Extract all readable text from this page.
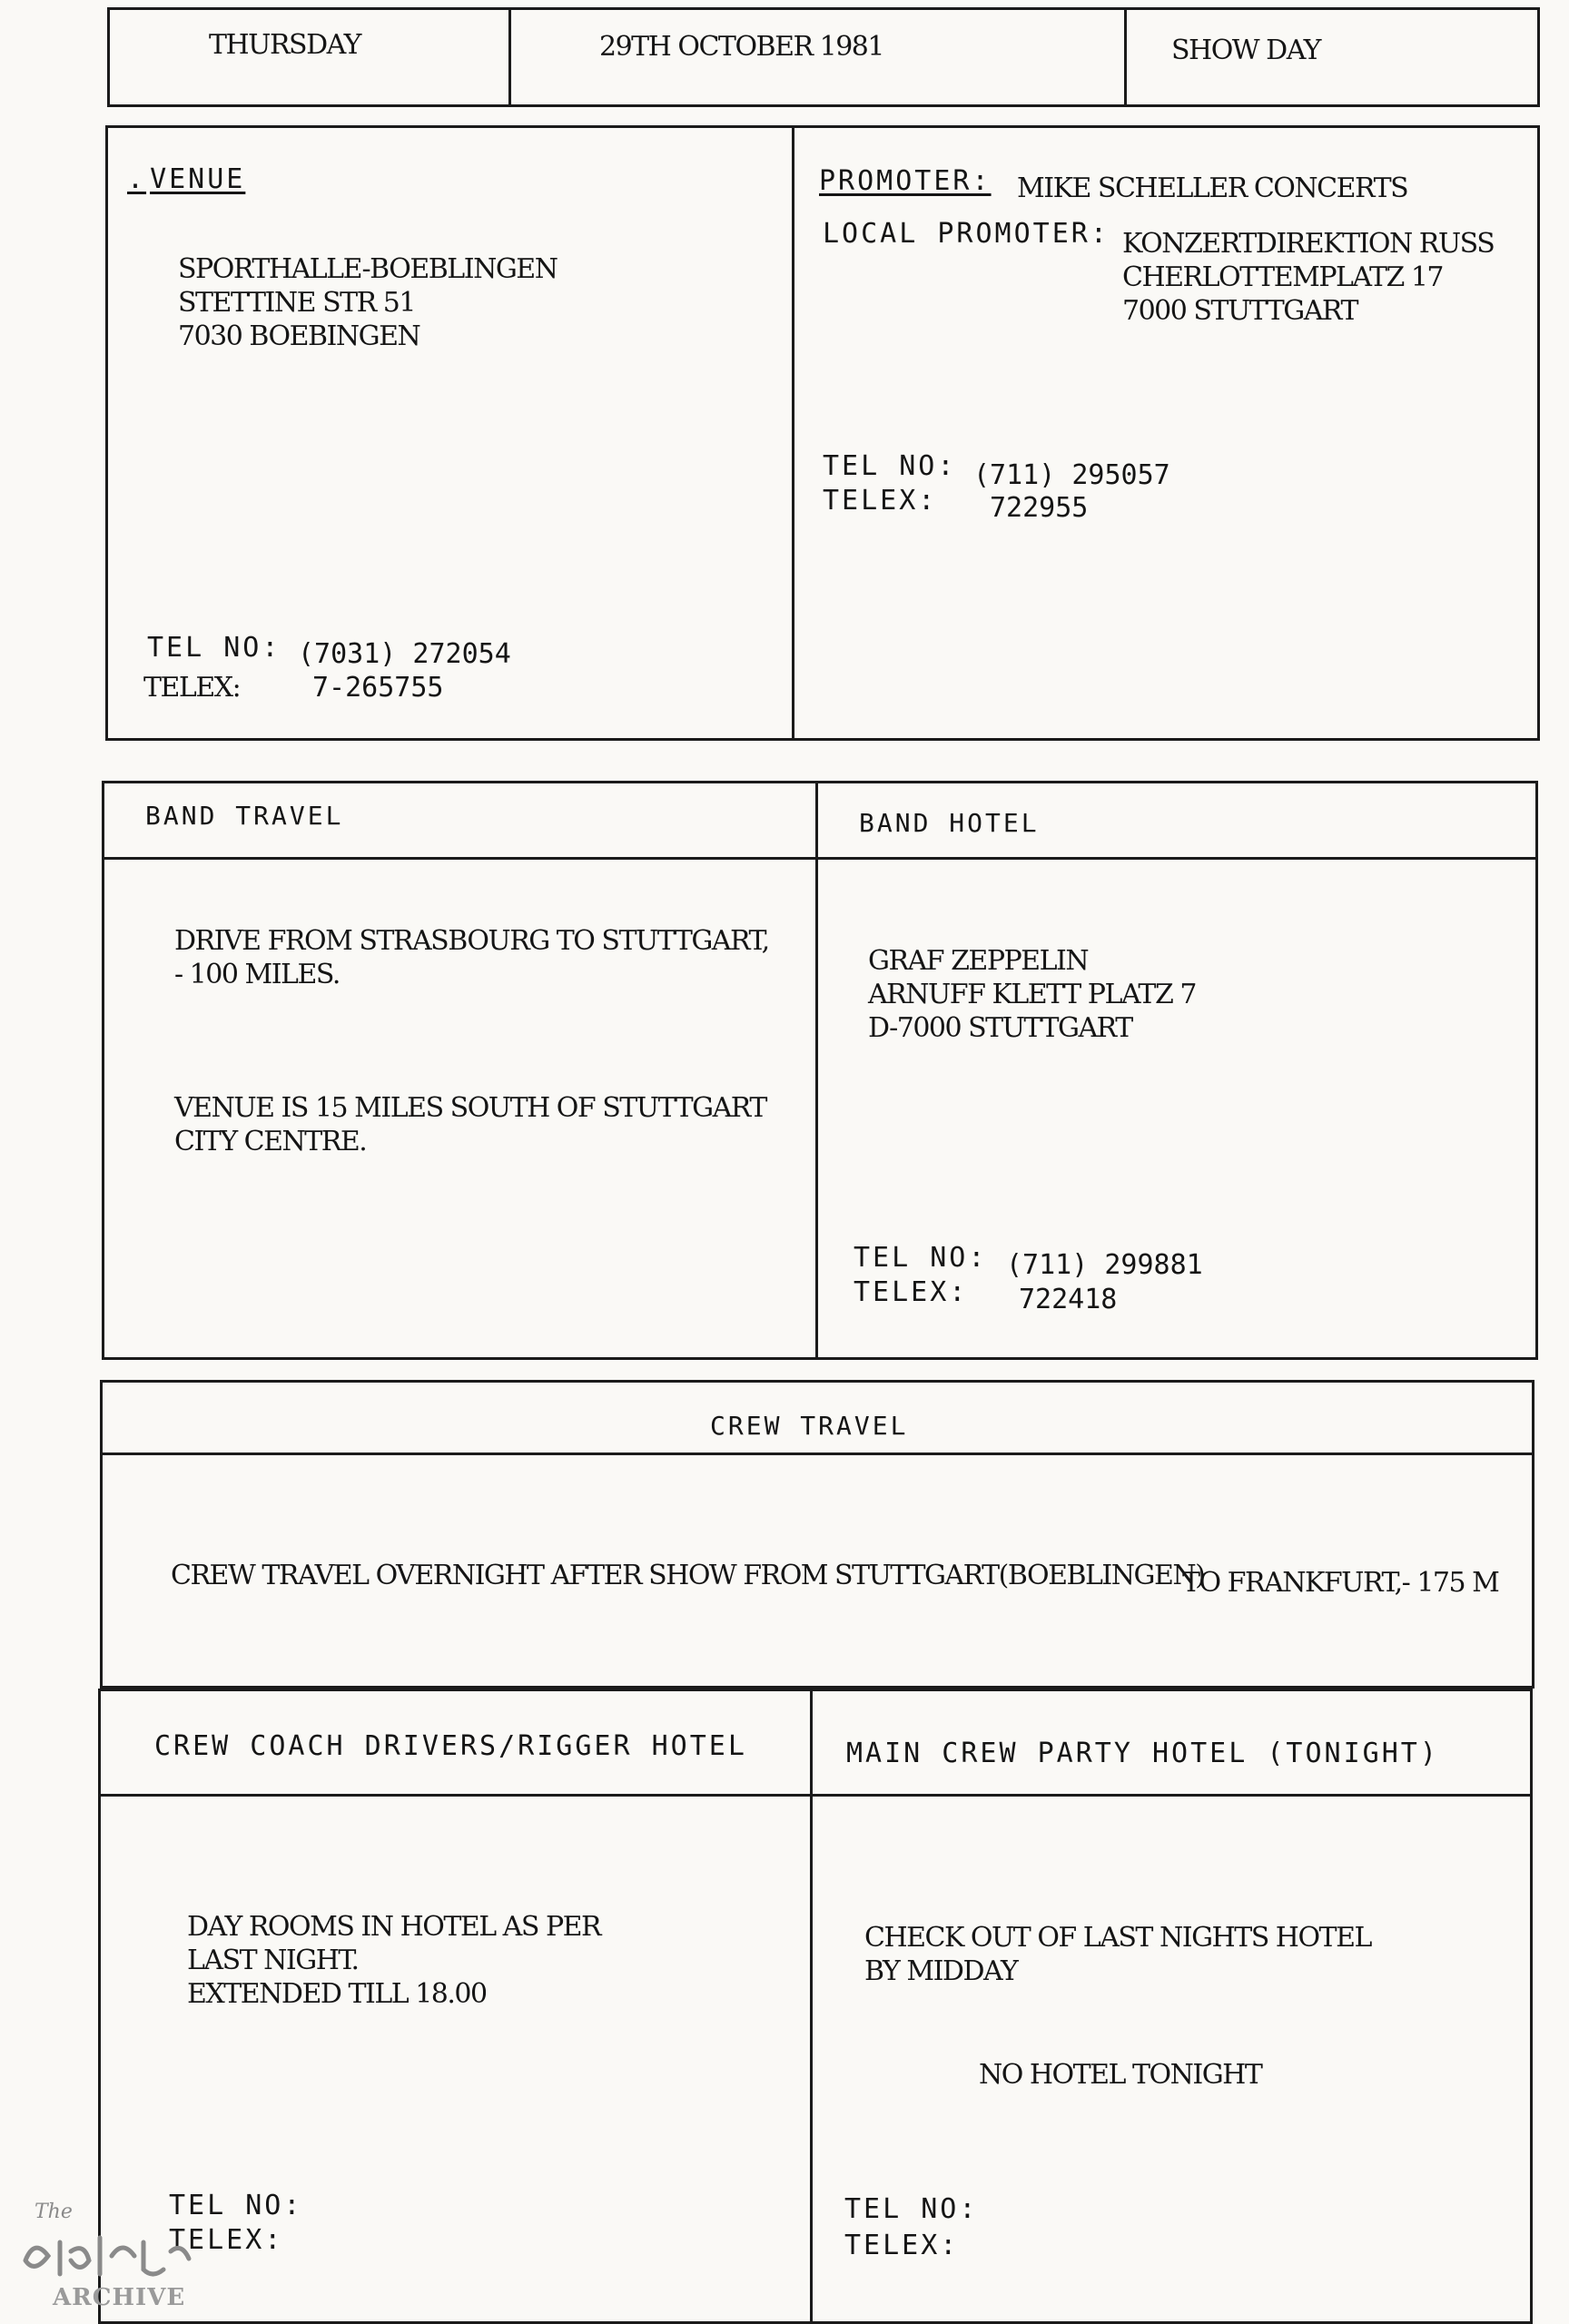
THURSDAY	29TH OCTOBER 1981	SHOW DAY
. VENUE
SPORTHALLE-BOEBLINGEN
STETTINE STR 51
7030 BOEBINGEN
TEL NO: (7031) 272054
TELEX:	7-265755
PROMOTER: MIKE SCHELLER CONCERTS
LOCAL PROMOTER: KONZERTDIREKTION RUSS
CHERLOTTEMPLATZ 17
7000 STUTTGART
TEL NO: (711) 295057
TELEX: 722955
BAND TRAVEL	BAND HOTEL
DRIVE FROM STRASBOURG TO STUTTGART,
- 100 MILES.
VENUE IS 15 MILES SOUTH OF STUTTGART
CITY CENTRE.
GRAF ZEPPELIN
ARNUFF KLETT PLATZ 7
D-7000 STUTTGART
TEL NO: (711) 299881
TELEX: 722418
CREW TRAVEL
CREW TRAVEL OVERNIGHT AFTER SHOW FROM STUTTGART(BOEBLINGEN)
TO FRANKFURT,- 175 M
CREW COACH DRIVERS/RIGGER HOTEL	MAIN CREW PARTY HOTEL (TONIGHT)
DAY ROOMS IN HOTEL AS PER
LAST NIGHT.
EXTENDED TILL 18.00
TEL NO:
TELEX:
CHECK OUT OF LAST NIGHTS HOTEL
BY MIDDAY
NO HOTEL TONIGHT
TEL NO:
TELEX:
The
ARCHIVE
